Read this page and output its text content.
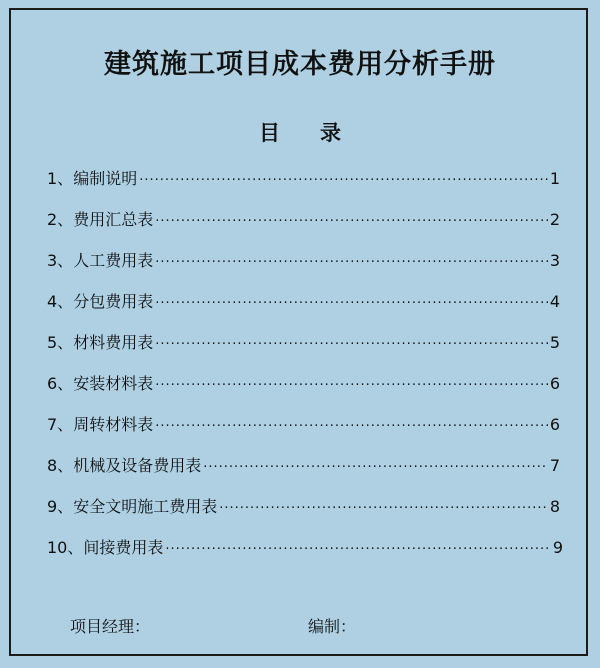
建筑施工项目成本费用分析手册
目 录
1、 编制说明 ·····	1
2、 费用汇总表 ·····	2
3、 人工费用表 ·····	3
4、 分包费用表 ·····	4
5、 材料费用表 ·····	5
6、 安装材料表 ·····	6
7、 周转材料表 ·····	6
8、 机械及设备费用表 ·····	7
9、 安全文明施工费用表 ·····	8
10、 间接费用表 ·····	9
项目经理：	编制：
